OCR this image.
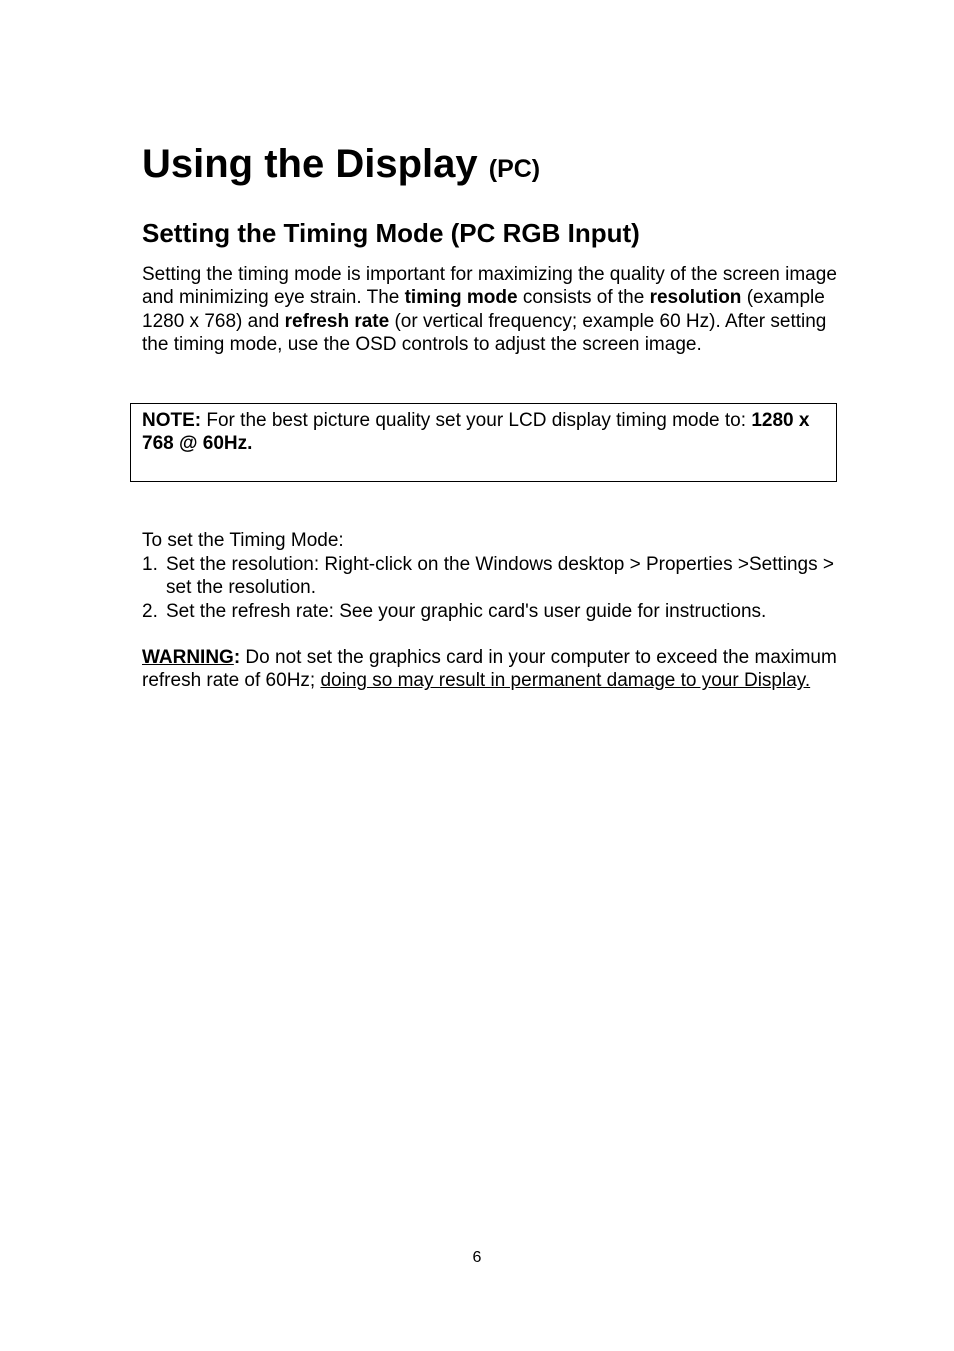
Using the Display (PC)
Setting the Timing Mode (PC RGB Input)

Setting the timing mode is important for maximizing the quality of the screen image and minimizing eye strain. The timing mode consists of the resolution (example 1280 x 768) and refresh rate (or vertical frequency; example 60 Hz). After setting the timing mode, use the OSD controls to adjust the screen image.

NOTE: For the best picture quality set your LCD display timing mode to: 1280 x 768 @ 60Hz.

To set the Timing Mode:

1. Set the resolution: Right-click on the Windows desktop > Properties >Settings > set the resolution.
2. Set the refresh rate: See your graphic card's user guide for instructions.

WARNING: Do not set the graphics card in your computer to exceed the maximum refresh rate of 60Hz; doing so may result in permanent damage to your Display.

6
